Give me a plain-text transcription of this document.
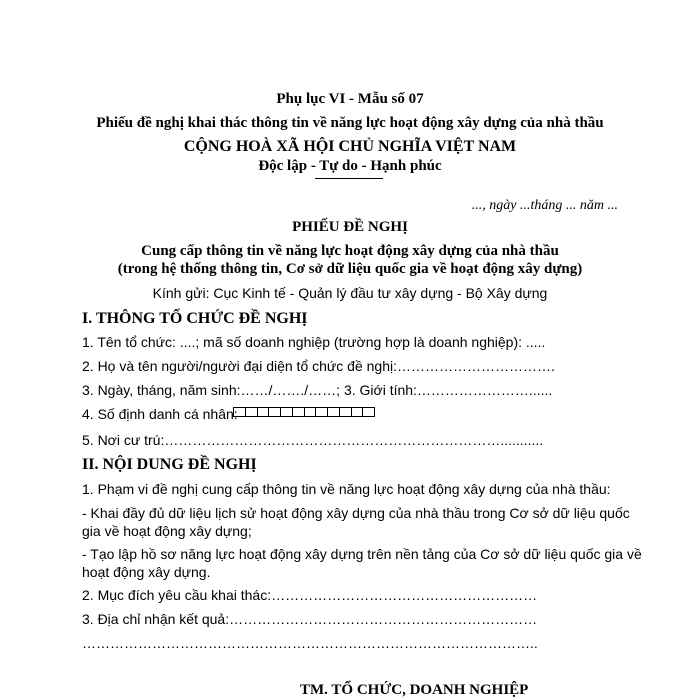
Phụ lục VI - Mẫu số 07
Phiếu đề nghị khai thác thông tin về năng lực hoạt động xây dựng của nhà thầu
CỘNG HOÀ XÃ HỘI CHỦ NGHĨA VIỆT NAM
Độc lập - Tự do - Hạnh phúc
..., ngày ...tháng ... năm ...
PHIẾU ĐỀ NGHỊ
Cung cấp thông tin về năng lực hoạt động xây dựng của nhà thầu
(trong hệ thống thông tin, Cơ sở dữ liệu quốc gia về hoạt động xây dựng)
Kính gửi: Cục Kinh tế - Quản lý đầu tư xây dựng - Bộ Xây dựng
I. THÔNG TỔ CHỨC ĐỀ NGHỊ
1. Tên tổ chức: ....; mã số doanh nghiệp (trường hợp là doanh nghiệp): .....
2. Họ và tên người/người đại diện tổ chức đề nghị:…………………………….
3. Ngày, tháng, năm sinh:……/……./……; 3. Giới tính:……………………......
4. Số định danh cá nhân:
5. Nơi cư trú:………………………………………………………………...........
II. NỘI DUNG ĐỀ NGHỊ
1. Phạm vi đề nghị cung cấp thông tin về năng lực hoạt động xây dựng của nhà thầu:
- Khai đầy đủ dữ liệu lịch sử hoạt động xây dựng của nhà thầu trong Cơ sở dữ liệu quốc
gia về hoạt động xây dựng;
- Tạo lập hồ sơ năng lực hoạt động xây dựng trên nền tảng của Cơ sở dữ liệu quốc gia về
hoạt động xây dựng.
2. Mục đích yêu cầu khai thác:…………………………………………………
3. Địa chỉ nhận kết quả:…………………………………………………………
……………………………………………………………………………………..
TM. TỔ CHỨC, DOANH NGHIỆP
